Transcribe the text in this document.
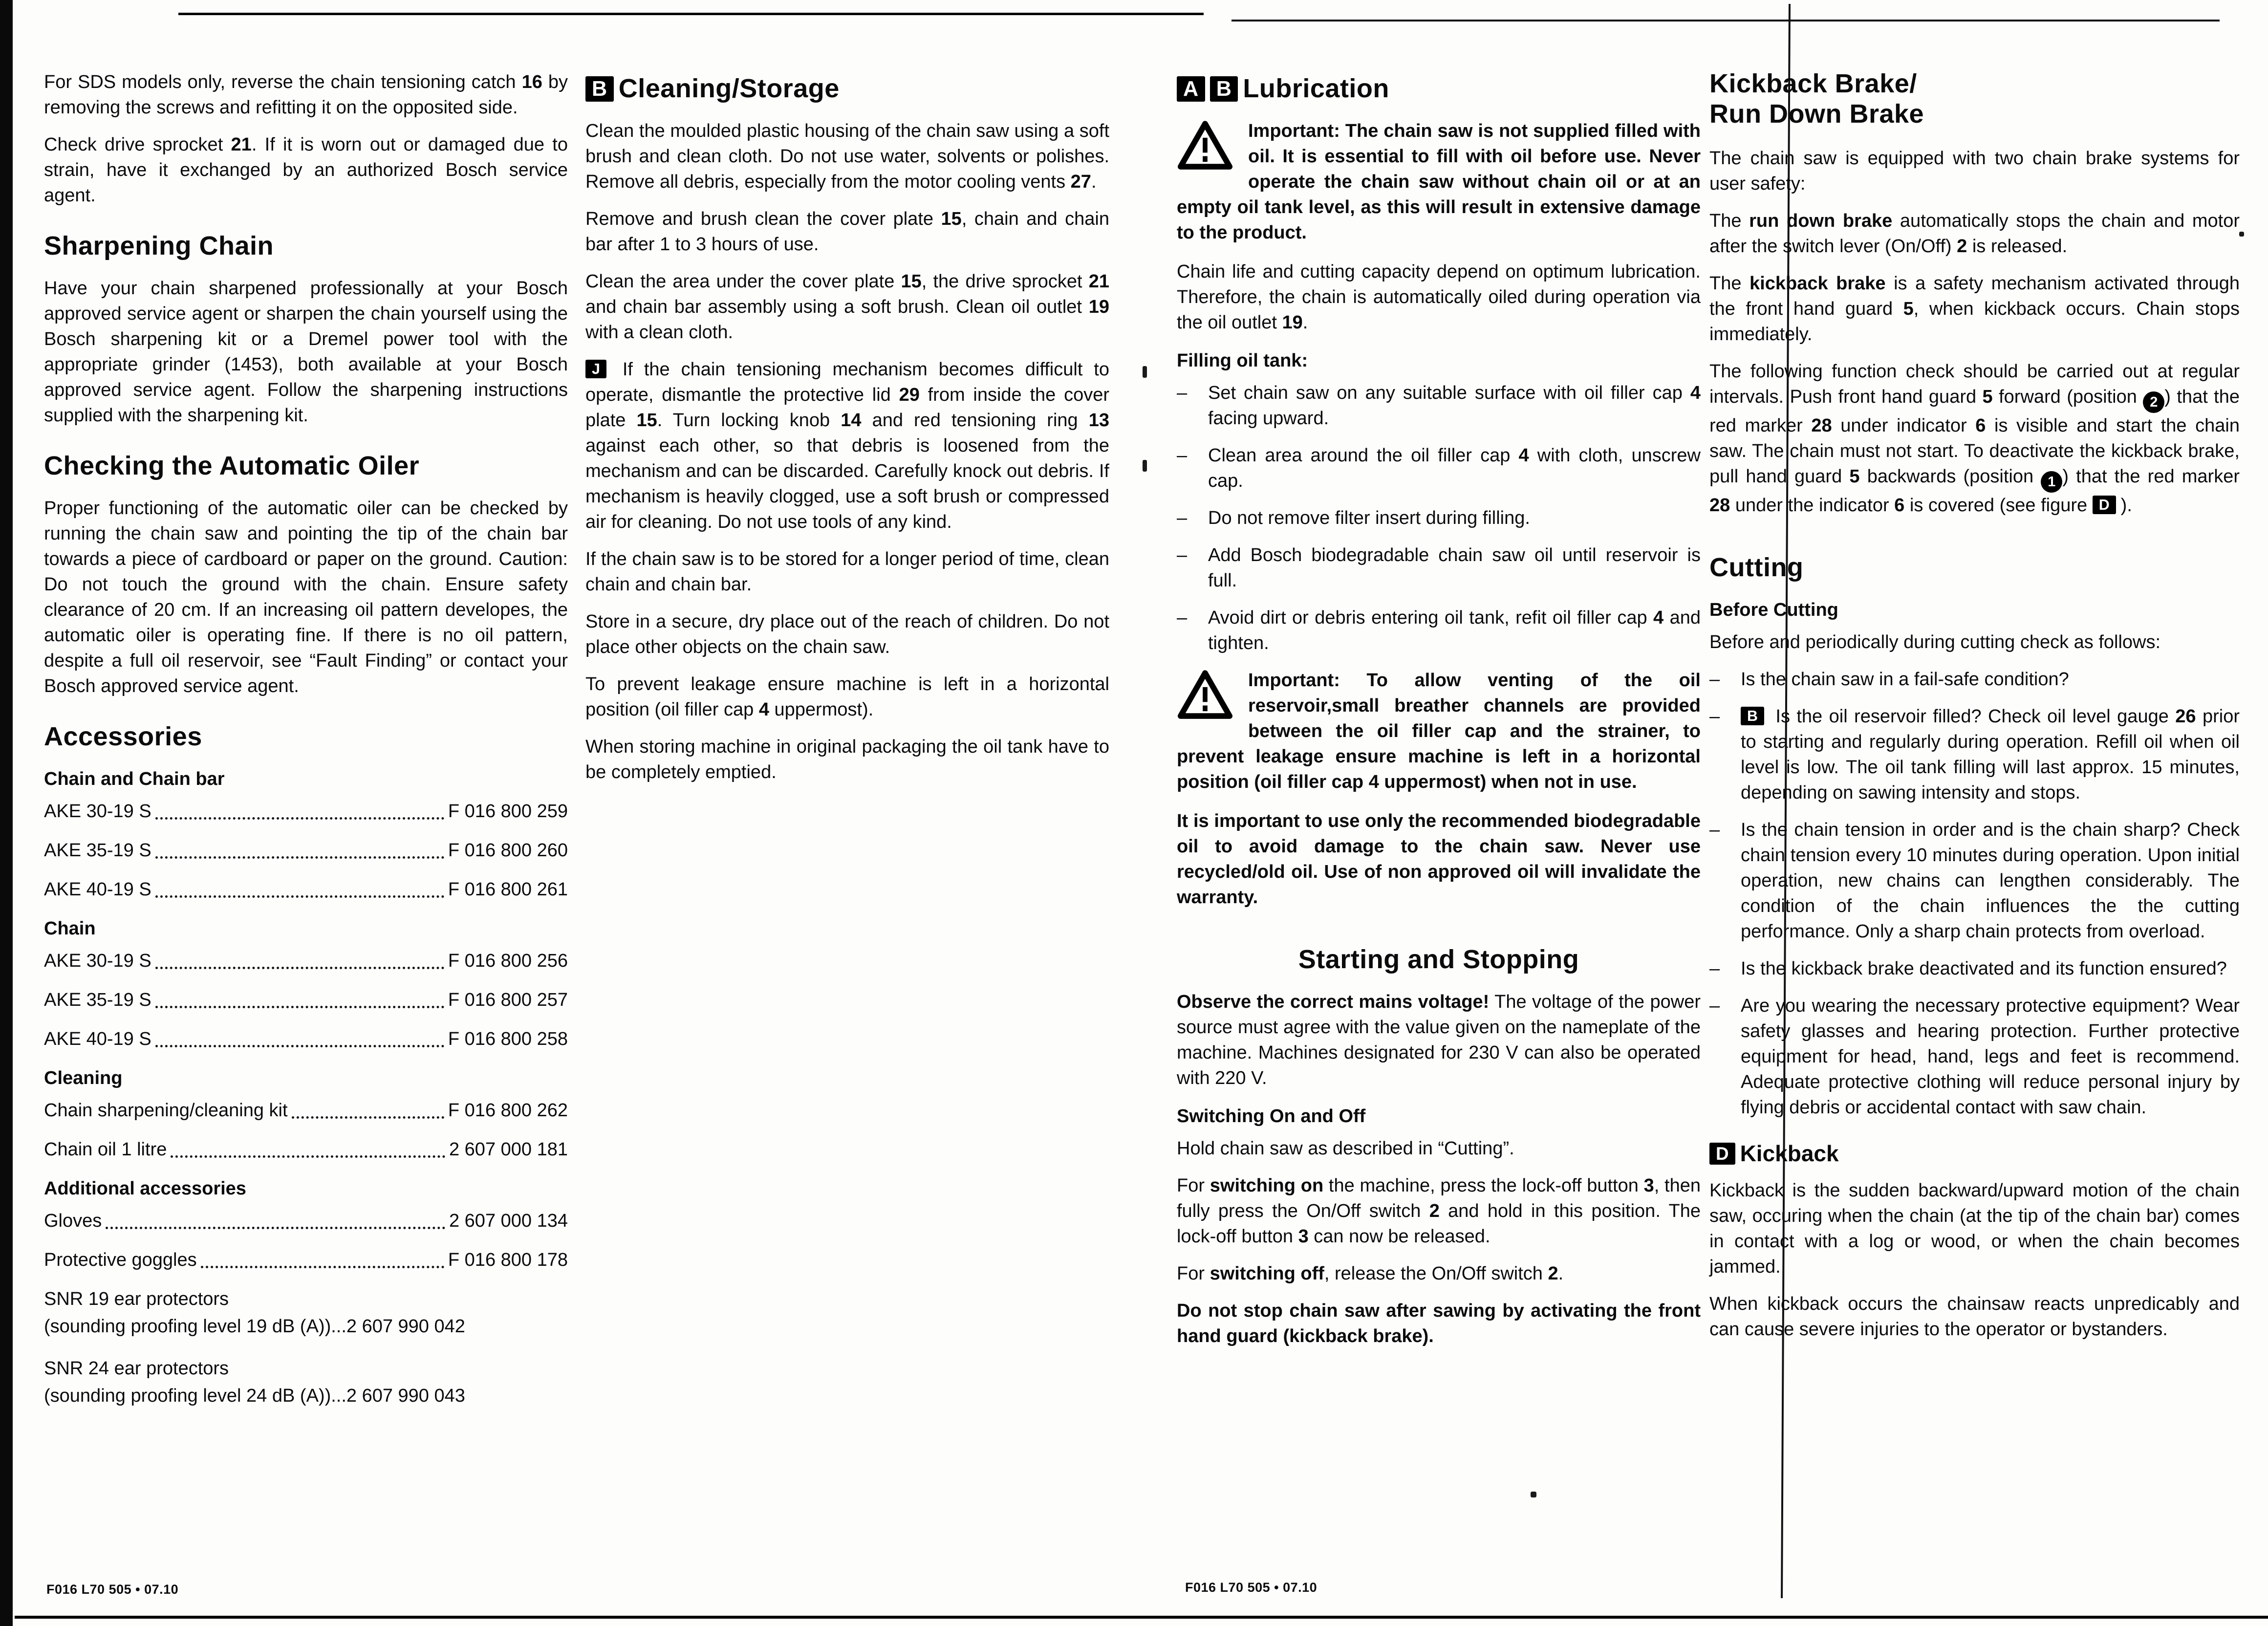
For SDS models only, reverse the chain tensioning catch 16 by removing the screws and refitting it on the opposited side.

Check drive sprocket 21. If it is worn out or damaged due to strain, have it exchanged by an authorized Bosch service agent.

Sharpening Chain

Have your chain sharpened professionally at your Bosch approved service agent or sharpen the chain yourself using the Bosch sharpening kit or a Dremel power tool with the appropriate grinder (1453), both available at your Bosch approved service agent. Follow the sharpening instructions supplied with the sharpening kit.

Checking the Automatic Oiler

Proper functioning of the automatic oiler can be checked by running the chain saw and pointing the tip of the chain bar towards a piece of cardboard or paper on the ground. Caution: Do not touch the ground with the chain. Ensure safety clearance of 20 cm. If an increasing oil pattern developes, the automatic oiler is operating fine. If there is no oil pattern, despite a full oil reservoir, see “Fault Finding” or contact your Bosch approved service agent.

Accessories
Chain and Chain bar
AKE 30-19 S	F 016 800 259
AKE 35-19 S	F 016 800 260
AKE 40-19 S	F 016 800 261
Chain
AKE 30-19 S	F 016 800 256
AKE 35-19 S	F 016 800 257
AKE 40-19 S	F 016 800 258
Cleaning
Chain sharpening/cleaning kit	F 016 800 262
Chain oil 1 litre	2 607 000 181
Additional accessories
Gloves	2 607 000 134
Protective goggles	F 016 800 178
SNR 19 ear protectors
(sounding proofing level 19 dB (A)) ...2 607 990 042
SNR 24 ear protectors
(sounding proofing level 24 dB (A)) ...2 607 990 043
B Cleaning/Storage

Clean the moulded plastic housing of the chain saw using a soft brush and clean cloth. Do not use water, solvents or polishes. Remove all debris, especially from the motor cooling vents 27.

Remove and brush clean the cover plate 15, chain and chain bar after 1 to 3 hours of use.

Clean the area under the cover plate 15, the drive sprocket 21 and chain bar assembly using a soft brush. Clean oil outlet 19 with a clean cloth.

J If the chain tensioning mechanism becomes difficult to operate, dismantle the protective lid 29 from inside the cover plate 15. Turn locking knob 14 and red tensioning ring 13 against each other, so that debris is loosened from the mechanism and can be discarded. Carefully knock out debris. If mechanism is heavily clogged, use a soft brush or compressed air for cleaning. Do not use tools of any kind.

If the chain saw is to be stored for a longer period of time, clean chain and chain bar.

Store in a secure, dry place out of the reach of children. Do not place other objects on the chain saw.

To prevent leakage ensure machine is left in a horizontal position (oil filler cap 4 uppermost).

When storing machine in original packaging the oil tank have to be completely emptied.

A B Lubrication
Important: The chain saw is not supplied filled with oil. It is essential to fill with oil before use. Never operate the chain saw without chain oil or at an empty oil tank level, as this will result in extensive damage to the product.

Chain life and cutting capacity depend on optimum lubrication. Therefore, the chain is automatically oiled during operation via the oil outlet 19.

Filling oil tank:
–	Set chain saw on any suitable surface with oil filler cap 4 facing upward.
–	Clean area around the oil filler cap 4 with cloth, unscrew cap.
–	Do not remove filter insert during filling.
–	Add Bosch biodegradable chain saw oil until reservoir is full.
–	Avoid dirt or debris entering oil tank, refit oil filler cap 4 and tighten.
Important: To allow venting of the oil reservoir,small breather channels are provided between the oil filler cap and the strainer, to prevent leakage ensure machine is left in a horizontal position (oil filler cap 4 uppermost) when not in use.

It is important to use only the recommended biodegradable oil to avoid damage to the chain saw. Never use recycled/old oil. Use of non approved oil will invalidate the warranty.

Starting and Stopping

Observe the correct mains voltage! The voltage of the power source must agree with the value given on the nameplate of the machine. Machines designated for 230 V can also be operated with 220 V.

Switching On and Off

Hold chain saw as described in “Cutting”.

For switching on the machine, press the lock-off button 3, then fully press the On/Off switch 2 and hold in this position. The lock-off button 3 can now be released.

For switching off, release the On/Off switch 2.

Do not stop chain saw after sawing by activating the front hand guard (kickback brake).

Kickback Brake/
Run Down Brake

The chain saw is equipped with two chain brake systems for user safety:

The run down brake automatically stops the chain and motor after the switch lever (On/Off) 2 is released.

The kickback brake is a safety mechanism activated through the front hand guard 5, when kickback occurs. Chain stops immediately.

The following function check should be carried out at regular intervals. Push front hand guard 5 forward (position 2 ) that the red marker 28 under indicator 6 is visible and start the chain saw. The chain must not start. To deactivate the kickback brake, pull hand guard 5 backwards (position 1 ) that the red marker 28 under the indicator 6 is covered (see figure D ).

Cutting
Before Cutting

Before and periodically during cutting check as follows:

–	Is the chain saw in a fail-safe condition?
–	B Is the oil reservoir filled? Check oil level gauge 26 prior to starting and regularly during operation. Refill oil when oil level is low. The oil tank filling will last approx. 15 minutes, depending on sawing intensity and stops.
–	Is the chain tension in order and is the chain sharp? Check chain tension every 10 minutes during operation. Upon initial operation, new chains can lengthen considerably. The condition of the chain influences the the cutting performance. Only a sharp chain protects from overload.
–	Is the kickback brake deactivated and its function ensured?
–	Are you wearing the necessary protective equipment? Wear safety glasses and hearing protection. Further protective equipment for head, hand, legs and feet is recommend. Adequate protective clothing will reduce personal injury by flying debris or accidental contact with saw chain.
D Kickback

Kickback is the sudden backward/upward motion of the chain saw, occuring when the chain (at the tip of the chain bar) comes in contact with a log or wood, or when the chain becomes jammed.

When kickback occurs the chainsaw reacts unpredicably and can cause severe injuries to the operator or bystanders.

F016 L70 505 • 07.10	F016 L70 505 • 07.10
